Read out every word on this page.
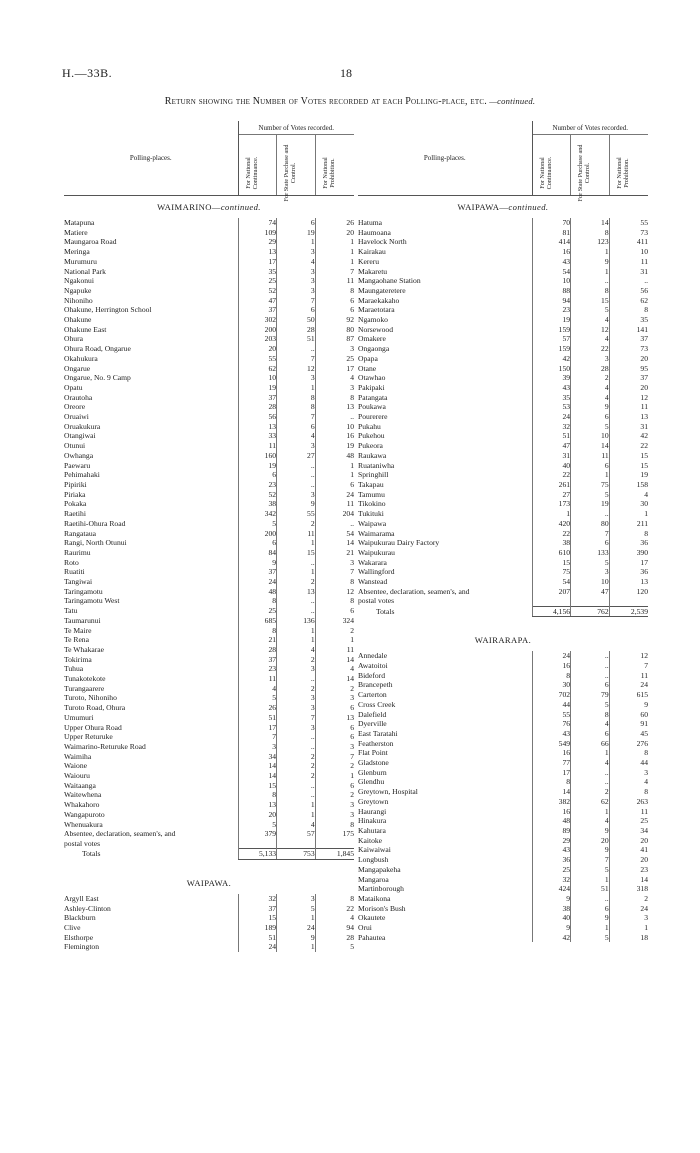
H.—33B.	18
Return showing the Number of Votes recorded at each Polling-place, etc. —continued.
Polling-places.	Number of Votes recorded.		

	For National Continuance.	For State Purchase and Control.	For National Prohibition.

WAIMARINO—continued.			
Matapuna	74	6	26
Matiere	109	19	20
Maungaroa Road	29	1	1
Meringa	13	3	1
Murumuru	17	4	1
National Park	35	3	7
Ngakonui	25	3	11
Ngapuke	52	3	8
Nihoniho	47	7	6
Ohakune, Herrington School	37	6	6
Ohakune	302	50	92
Ohakune East	200	28	80
Ohura	203	51	87
Ohura Road, Ongarue	20	..	3
Okahukura	55	7	25
Ongarue	62	12	17
Ongarue, No. 9 Camp	10	3	4
Opatu	19	1	3
Orautoha	37	8	8
Oreore	28	8	13
Oruaiwi	56	7	..
Oruakukura	13	6	10
Otangiwai	33	4	16
Otunui	11	3	19
Owhanga	160	27	48
Paewaru	19	..	1
Pehimahaki	6	..	1
Pipiriki	23	..	6
Piriaka	52	3	24
Pokaka	38	9	11
Raetihi	342	55	204
Raetihi-Ohura Road	5	2	..
Rangataua	200	11	54
Rangi, North Otunui	6	1	14
Raurimu	84	15	21
Roto	9	..	3
Ruatiti	37	1	7
Tangiwai	24	2	8
Taringamotu	48	13	12
Taringamotu West	8	..	8
Tatu	25	..	6
Taumarunui	685	136	324
Te Maire	8	1	2
Te Rena	21	1	1
Te Whakarae	28	4	11
Tokirima	37	2	14
Tuhua	23	3	4
Tunakotekote	11	..	14
Turangaarere	4	2	2
Turoto, Nihoniho	5	3	3
Turoto Road, Ohura	26	3	6
Umumuri	51	7	13
Upper Ohura Road	17	3	6
Upper Returuke	7	..	6
Waimarino-Returuke Road	3	..	3
Waimiha	34	2	7
Waione	14	2	2
Waiouru	14	2	1
Waitaanga	15	..	6
Waitewhena	8	..	2
Whakahoro	13	1	3
Wangapuroto	20	1	3
Whenuakura	5	4	8
Absentee, declaration, seamen's, and	379	57	175
postal votes			
Totals	5,133	753	1,845

WAIPAWA.			
Argyll East	32	3	8
Ashley-Clinton	37	5	22
Blackburn	15	1	4
Clive	189	24	94
Elsthorpe	51	9	28
Flemington	24	1	5
Polling-places.	Number of Votes recorded.		

	For National Continuance.	For State Purchase and Control.	For National Prohibition.

WAIPAWA—continued.			
Hatuma	70	14	55
Haumoana	81	8	73
Havelock North	414	123	411
Kairakau	16	1	10
Kereru	43	9	11
Makaretu	54	1	31
Mangaohane Station	10	..	..
Maungateretere	88	8	56
Maraekakaho	94	15	62
Maraetotara	23	5	8
Ngamoko	19	4	35
Norsewood	159	12	141
Omakere	57	4	37
Ongaonga	159	22	73
Opapa	42	3	20
Otane	150	28	95
Otawhao	39	2	37
Pakipaki	43	4	20
Patangata	35	4	12
Poukawa	53	9	11
Pourerere	24	6	13
Pukahu	32	5	31
Pukehou	51	10	42
Pukeora	47	14	22
Raukawa	31	11	15
Ruataniwha	40	6	15
Springhill	22	1	19
Takapau	261	75	158
Tamumu	27	5	4
Tikokino	173	19	30
Tukituki	1	..	1
Waipawa	420	80	211
Waimarama	22	7	8
Waipukurau Dairy Factory	38	6	36
Waipukurau	610	133	390
Wakarara	15	5	17
Wallingford	75	3	36
Wanstead	54	10	13
Absentee, declaration, seamen's, and	207	47	120
postal votes			
Totals	4,156	762	2,539

WAIRARAPA.			
Annedale	24	..	12
Awatoitoi	16	..	7
Bideford	8	..	11
Brancepeth	30	6	24
Carterton	702	79	615
Cross Creek	44	5	9
Dalefield	55	8	60
Dyerville	76	4	91
East Taratahi	43	6	45
Featherston	549	66	276
Flat Point	16	1	8
Gladstone	77	4	44
Glenburn	17	..	3
Glendhu	8	..	4
Greytown, Hospital	14	2	8
Greytown	382	62	263
Haurangi	16	1	11
Hinakura	48	4	25
Kahutara	89	9	34
Kaitoke	29	20	20
Kaiwaiwai	43	9	41
Longbush	36	7	20
Mangapakeha	25	5	23
Mangaroa	32	1	14
Martinborough	424	51	318
Mataikona	9	..	2
Morison's Bush	38	6	24
Okautete	40	9	3
Orui	9	1	1
Pahautea	42	5	18
